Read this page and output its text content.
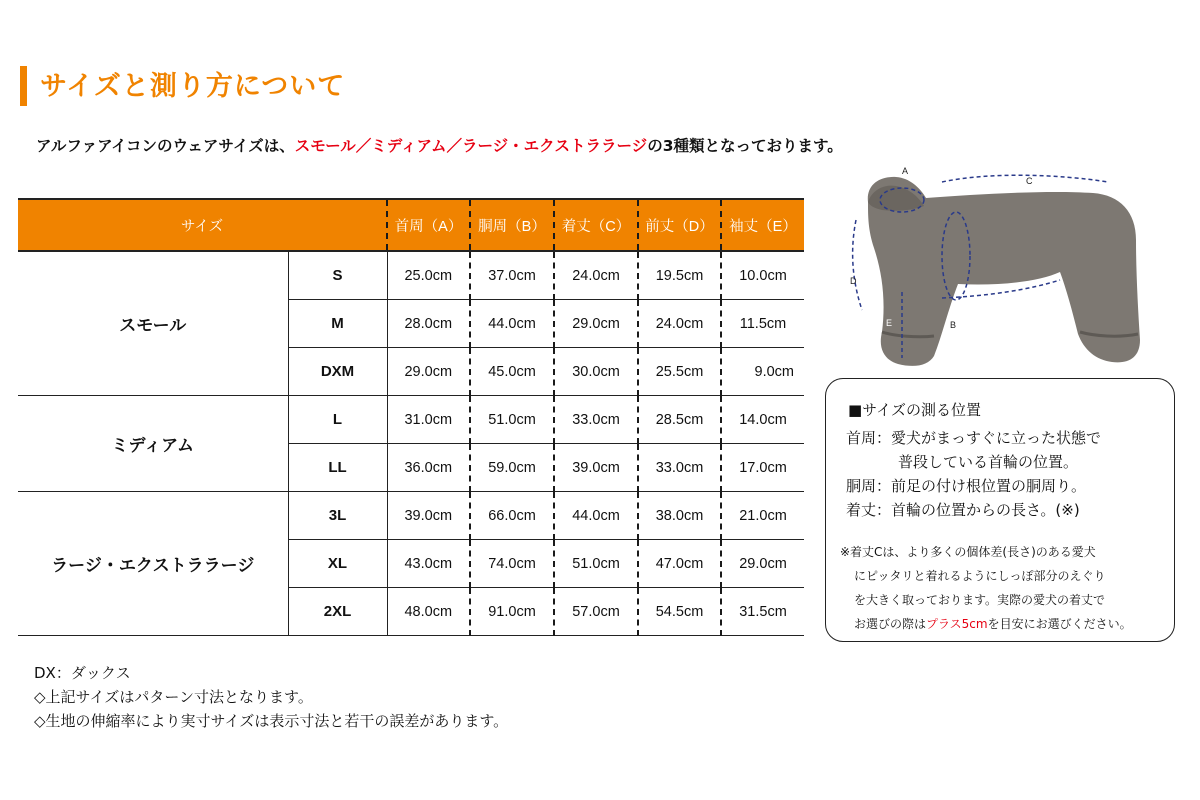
サイズと測り方について
アルファアイコンのウェアサイズは、スモール／ミディアム／ラージ・エクストララージの3種類となっております。
サイズ		首周（A）	胴周（B）	着丈（C）	前丈（D）	袖丈（E）
スモール	S	25.0cm	37.0cm	24.0cm	19.5cm	10.0cm
	M	28.0cm	44.0cm	29.0cm	24.0cm	11.5cm
	DXM	29.0cm	45.0cm	30.0cm	25.5cm	9.0cm
ミディアム	L	31.0cm	51.0cm	33.0cm	28.5cm	14.0cm
	LL	36.0cm	59.0cm	39.0cm	33.0cm	17.0cm
ラージ・エクストララージ	3L	39.0cm	66.0cm	44.0cm	38.0cm	21.0cm
	XL	43.0cm	74.0cm	51.0cm	47.0cm	29.0cm
	2XL	48.0cm	91.0cm	57.0cm	54.5cm	31.5cm
A
B
C
D
E
■サイズの測る位置
首周：愛犬がまっすぐに立った状態で
普段している首輪の位置。
胴周：前足の付け根位置の胴周り。
着丈：首輪の位置からの長さ。(※)
※着丈Cは、より多くの個体差(長さ)のある愛犬
にピッタリと着れるようにしっぽ部分のえぐり
を大きく取っております。実際の愛犬の着丈で
お選びの際はプラス5cmを目安にお選びください。
DX：ダックス
◇上記サイズはパターン寸法となります。
◇生地の伸縮率により実寸サイズは表示寸法と若干の誤差があります。
